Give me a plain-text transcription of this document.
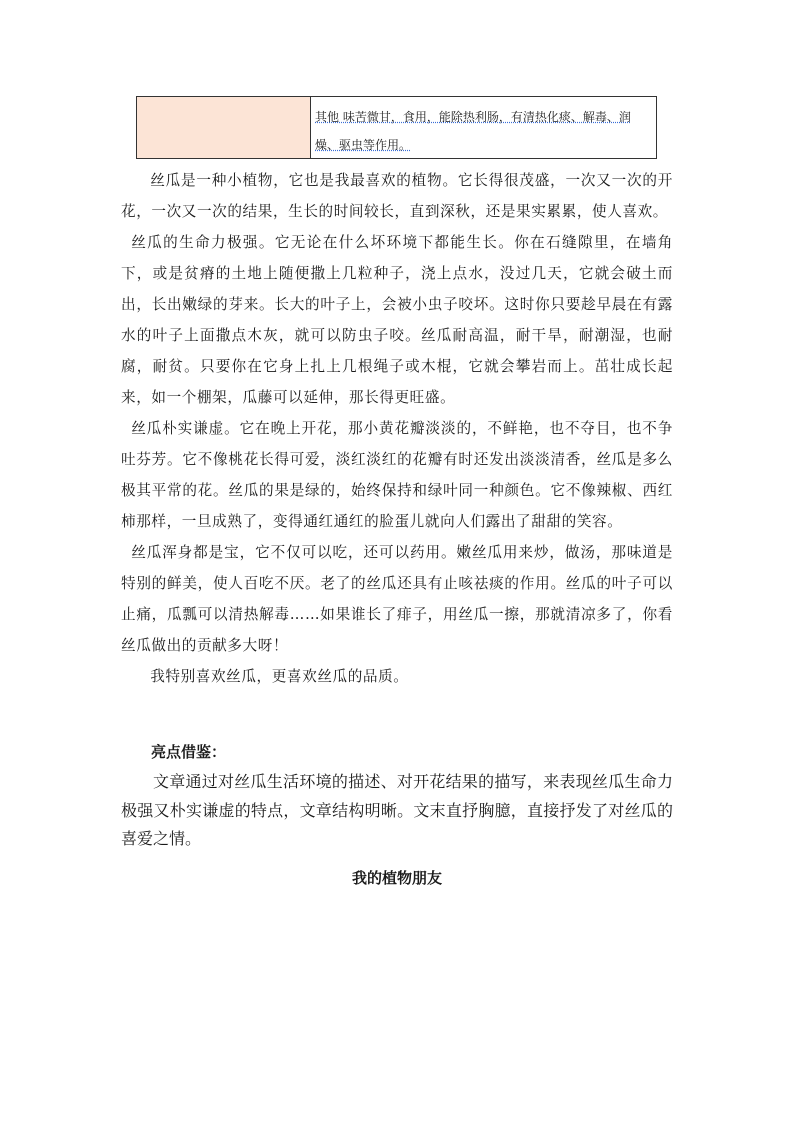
其他 味苦微甘，食用，能除热利肠，有清热化痰、解毒、润燥、驱虫等作用。

丝瓜是一种小植物，它也是我最喜欢的植物。它长得很茂盛，一次又一次的开花，一次又一次的结果，生长的时间较长，直到深秋，还是果实累累，使人喜欢。

丝瓜的生命力极强。它无论在什么坏环境下都能生长。你在石缝隙里，在墙角下，或是贫瘠的土地上随便撒上几粒种子，浇上点水，没过几天，它就会破土而出，长出嫩绿的芽来。长大的叶子上，会被小虫子咬坏。这时你只要趁早晨在有露水的叶子上面撒点木灰，就可以防虫子咬。丝瓜耐高温，耐干旱，耐潮湿，也耐腐，耐贫。只要你在它身上扎上几根绳子或木棍，它就会攀岩而上。茁壮成长起来，如一个棚架，瓜藤可以延伸，那长得更旺盛。

丝瓜朴实谦虚。它在晚上开花，那小黄花瓣淡淡的，不鲜艳，也不夺目，也不争吐芬芳。它不像桃花长得可爱，淡红淡红的花瓣有时还发出淡淡清香，丝瓜是多么极其平常的花。丝瓜的果是绿的，始终保持和绿叶同一种颜色。它不像辣椒、西红柿那样，一旦成熟了，变得通红通红的脸蛋儿就向人们露出了甜甜的笑容。

丝瓜浑身都是宝，它不仅可以吃，还可以药用。嫩丝瓜用来炒，做汤，那味道是特别的鲜美，使人百吃不厌。老了的丝瓜还具有止咳祛痰的作用。丝瓜的叶子可以止痛，瓜瓢可以清热解毒……如果谁长了痱子，用丝瓜一擦，那就清凉多了，你看丝瓜做出的贡献多大呀！

我特别喜欢丝瓜，更喜欢丝瓜的品质。

亮点借鉴：

文章通过对丝瓜生活环境的描述、对开花结果的描写，来表现丝瓜生命力极强又朴实谦虚的特点，文章结构明晰。文末直抒胸臆，直接抒发了对丝瓜的喜爱之情。

我的植物朋友
